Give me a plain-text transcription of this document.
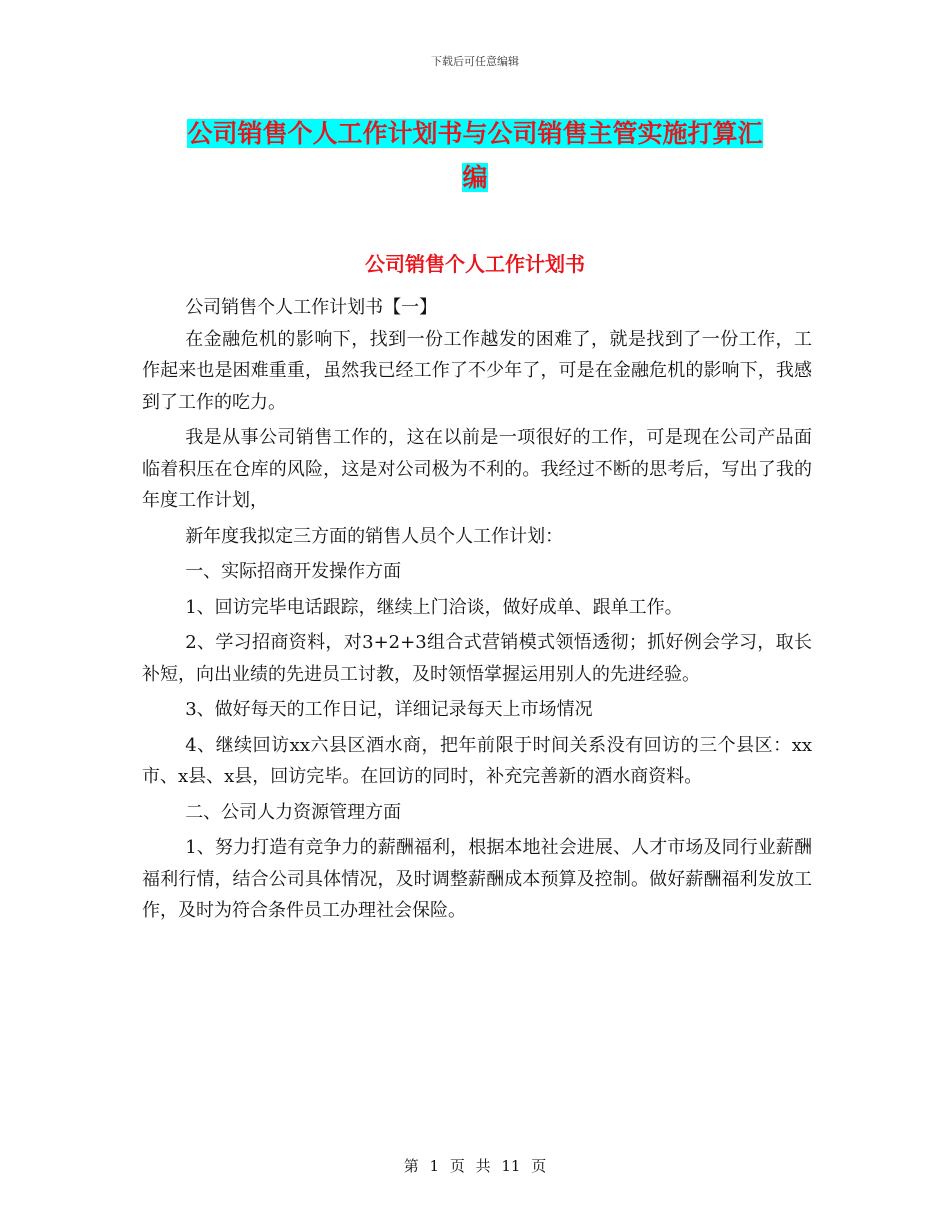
下载后可任意编辑
公司销售个人工作计划书与公司销售主管实施打算汇
编
公司销售个人工作计划书

公司销售个人工作计划书【一】

在金融危机的影响下，找到一份工作越发的困难了，就是找到了一份工作，工作起来也是困难重重，虽然我已经工作了不少年了，可是在金融危机的影响下，我感到了工作的吃力。

我是从事公司销售工作的，这在以前是一项很好的工作，可是现在公司产品面临着积压在仓库的风险，这是对公司极为不利的。我经过不断的思考后，写出了我的年度工作计划，

新年度我拟定三方面的销售人员个人工作计划：

一、实际招商开发操作方面

1、回访完毕电话跟踪，继续上门洽谈，做好成单、跟单工作。

2、学习招商资料，对3+2+3组合式营销模式领悟透彻；抓好例会学习，取长补短，向出业绩的先进员工讨教，及时领悟掌握运用别人的先进经验。

3、做好每天的工作日记，详细记录每天上市场情况

4、继续回访xx六县区酒水商，把年前限于时间关系没有回访的三个县区：xx市、x县、x县，回访完毕。在回访的同时，补充完善新的酒水商资料。

二、公司人力资源管理方面

1、努力打造有竞争力的薪酬福利，根据本地社会进展、人才市场及同行业薪酬福利行情，结合公司具体情况，及时调整薪酬成本预算及控制。做好薪酬福利发放工作，及时为符合条件员工办理社会保险。

第 1 页 共 11 页
